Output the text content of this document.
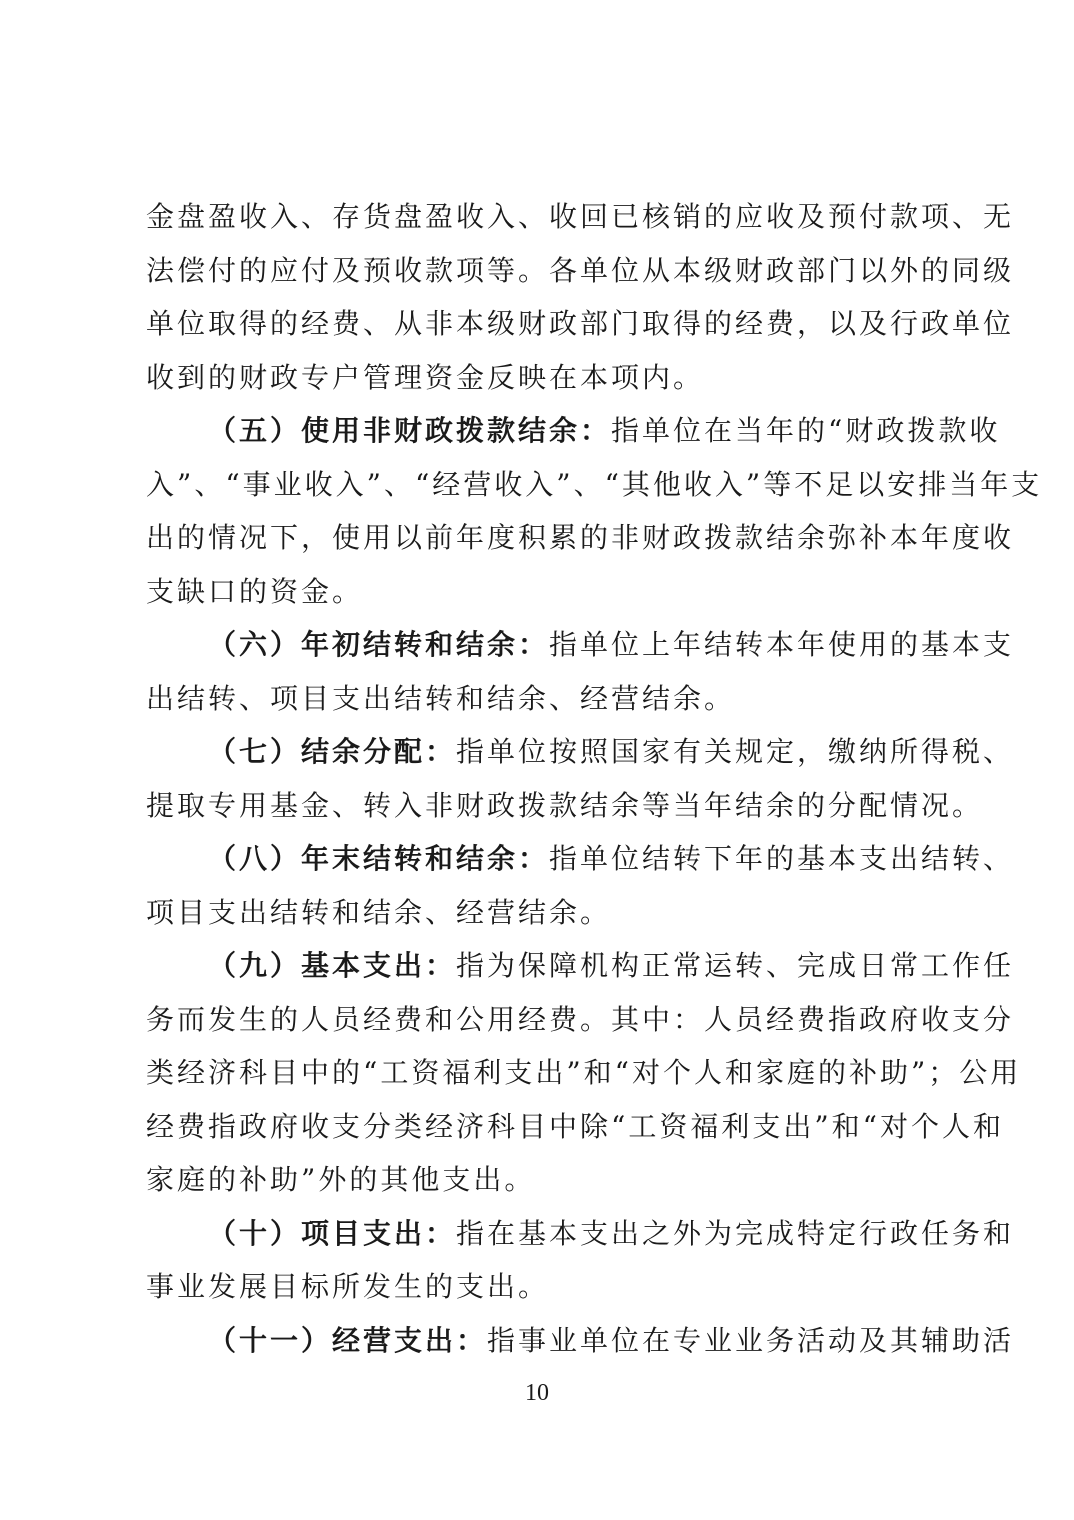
金盘盈收入、存货盘盈收入、收回已核销的应收及预付款项、无
法偿付的应付及预收款项等。各单位从本级财政部门以外的同级
单位取得的经费、从非本级财政部门取得的经费，以及行政单位
收到的财政专户管理资金反映在本项内。
（五）使用非财政拨款结余：指单位在当年的“财政拨款收
入”、“事业收入”、“经营收入”、“其他收入”等不足以安排当年支
出的情况下，使用以前年度积累的非财政拨款结余弥补本年度收
支缺口的资金。
（六）年初结转和结余：指单位上年结转本年使用的基本支
出结转、项目支出结转和结余、经营结余。
（七）结余分配：指单位按照国家有关规定，缴纳所得税、
提取专用基金、转入非财政拨款结余等当年结余的分配情况。
（八）年末结转和结余：指单位结转下年的基本支出结转、
项目支出结转和结余、经营结余。
（九）基本支出：指为保障机构正常运转、完成日常工作任
务而发生的人员经费和公用经费。其中：人员经费指政府收支分
类经济科目中的“工资福利支出”和“对个人和家庭的补助”；公用
经费指政府收支分类经济科目中除“工资福利支出”和“对个人和
家庭的补助”外的其他支出。
（十）项目支出：指在基本支出之外为完成特定行政任务和
事业发展目标所发生的支出。
（十一）经营支出：指事业单位在专业业务活动及其辅助活
10
